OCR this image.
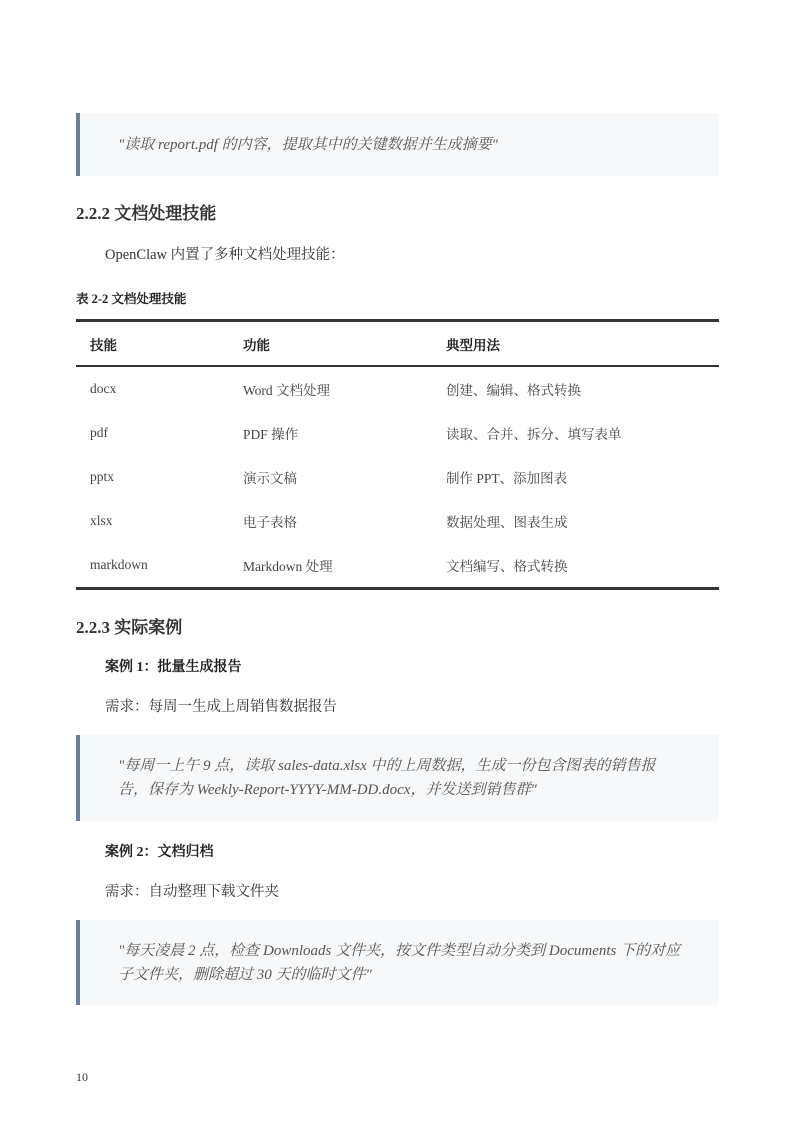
"读取 report.pdf 的内容，提取其中的关键数据并生成摘要"
2.2.2 文档处理技能

OpenClaw 内置了多种文档处理技能：

表 2-2 文档处理技能

技能	功能	典型用法
docx	Word 文档处理	创建、编辑、格式转换
pdf	PDF 操作	读取、合并、拆分、填写表单
pptx	演示文稿	制作 PPT、添加图表
xlsx	电子表格	数据处理、图表生成
markdown	Markdown 处理	文档编写、格式转换
2.2.3 实际案例
案例 1：批量生成报告

需求：每周一生成上周销售数据报告

"每周一上午 9 点，读取 sales-data.xlsx 中的上周数据，生成一份包含图表的销售报
告，保存为 Weekly-Report-YYYY-MM-DD.docx，并发送到销售群"
案例 2：文档归档

需求：自动整理下载文件夹

"每天凌晨 2 点，检查 Downloads 文件夹，按文件类型自动分类到 Documents 下的对应
子文件夹，删除超过 30 天的临时文件"
10
